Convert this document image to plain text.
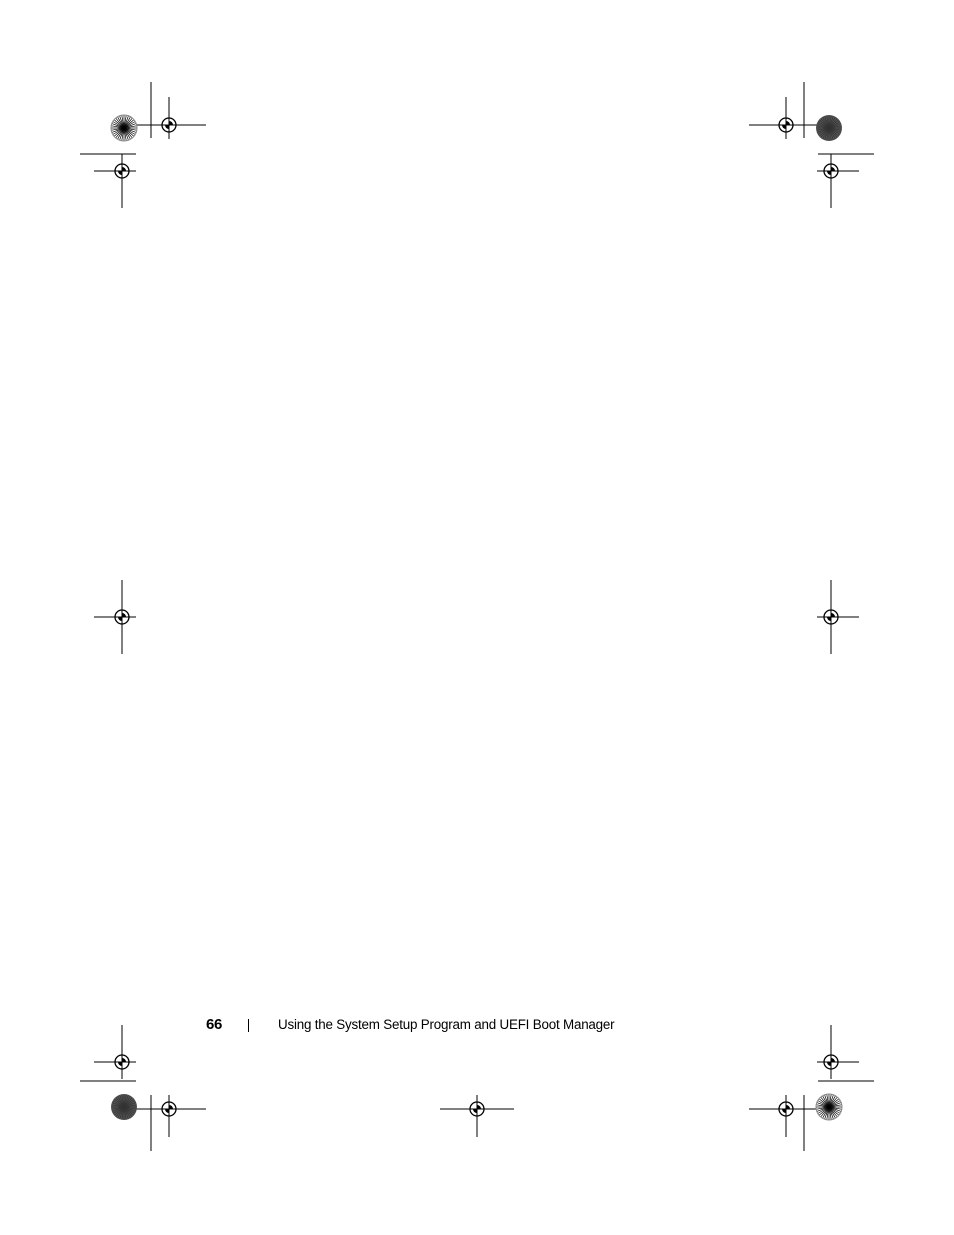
66	Using the System Setup Program and UEFI Boot Manager
